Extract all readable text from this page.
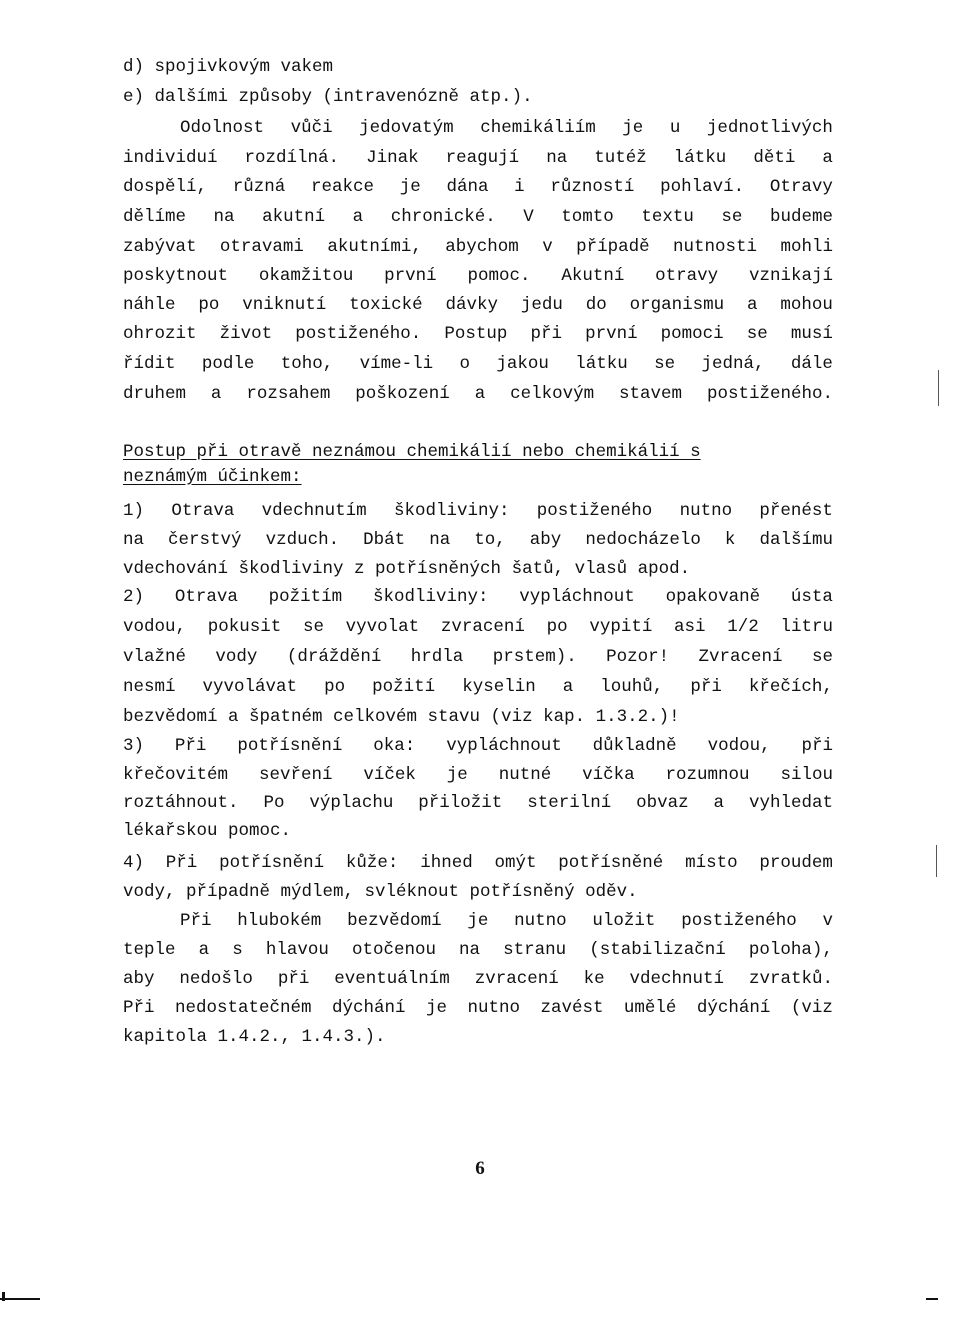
d) spojivkovým vakem
e) dalšími způsoby (intravenózně atp.).
Odolnost vůči jedovatým chemikáliím je u jednotlivých
individuí rozdílná. Jinak reagují na tutéž látku děti a
dospělí, různá reakce je dána i růzností pohlaví. Otravy
dělíme na akutní a chronické. V tomto textu se budeme
zabývat otravami akutními, abychom v případě nutnosti mohli
poskytnout okamžitou první pomoc. Akutní otravy vznikají
náhle po vniknutí toxické dávky jedu do organismu a mohou
ohrozit život postiženého. Postup při první pomoci se musí
řídit podle toho, víme-li o jakou látku se jedná, dále
druhem a rozsahem poškození a celkovým stavem postiženého.
Postup při otravě neznámou chemikálií nebo chemikálií s
neznámým účinkem:
1) Otrava vdechnutím škodliviny: postiženého nutno přenést
na čerstvý vzduch. Dbát na to, aby nedocházelo k dalšímu
vdechování škodliviny z potřísněných šatů, vlasů apod.
2) Otrava požitím škodliviny: vypláchnout opakovaně ústa
vodou, pokusit se vyvolat zvracení po vypití asi 1/2 litru
vlažné vody (dráždění hrdla prstem). Pozor! Zvracení se
nesmí vyvolávat po požití kyselin a louhů, při křečích,
bezvědomí a špatném celkovém stavu (viz kap. 1.3.2.)!
3) Při potřísnění oka: vypláchnout důkladně vodou, při
křečovitém sevření víček je nutné víčka rozumnou silou
roztáhnout. Po výplachu přiložit sterilní obvaz a vyhledat
lékařskou pomoc.
4) Při potřísnění kůže: ihned omýt potřísněné místo proudem
vody, případně mýdlem, svléknout potřísněný oděv.
Při hlubokém bezvědomí je nutno uložit postiženého v
teple a s hlavou otočenou na stranu (stabilizační poloha),
aby nedošlo při eventuálním zvracení ke vdechnutí zvratků.
Při nedostatečném dýchání je nutno zavést umělé dýchání (viz
kapitola 1.4.2., 1.4.3.).
6
